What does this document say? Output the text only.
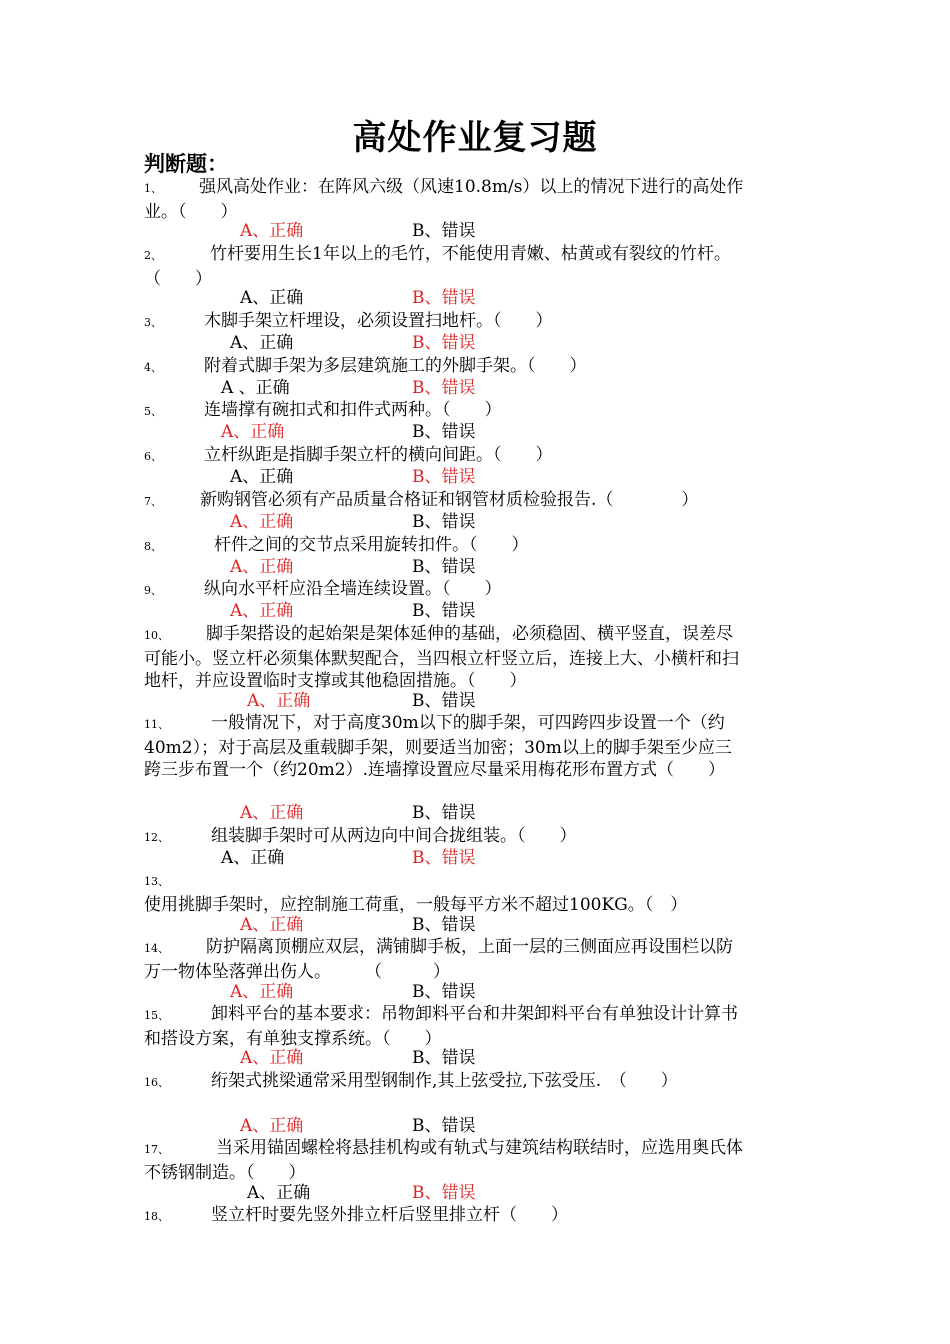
高处作业复习题
判断题：
1、 强风高处作业：在阵风六级（风速10.8m/s）以上的情况下进行的高处作业。（　　）
A、正确	B、错误
2、	竹杆要用生长1年以上的毛竹，不能使用青嫩、枯黄或有裂纹的竹杆。（　　）
A、正确	B、错误
3、 木脚手架立杆埋设，必须设置扫地杆。（　　）
A、正确	B、错误
4、 附着式脚手架为多层建筑施工的外脚手架。（　　）
A 、正确	B、错误
5、 连墙撑有碗扣式和扣件式两种。（　　）
A、正确	B、错误
6、 立杆纵距是指脚手架立杆的横向间距。（　　）
A、正确	B、错误
7、 新购钢管必须有产品质量合格证和钢管材质检验报告.（　　　　）
A、正确	B、错误
8、	杆件之间的交节点采用旋转扣件。（　　）
A、正确	B、错误
9、 纵向水平杆应沿全墙连续设置。（　　）
A、正确	B、错误
10、 脚手架搭设的起始架是架体延伸的基础，必须稳固、横平竖直，误差尽可能小。竖立杆必须集体默契配合，当四根立杆竖立后，连接上大、小横杆和扫地杆，并应设置临时支撑或其他稳固措施。（　　）
A、正确	B、错误
11、 一般情况下，对于高度30m以下的脚手架，可四跨四步设置一个（约40m2）；对于高层及重载脚手架，则要适当加密；30m以上的脚手架至少应三跨三步布置一个（约20m2）.连墙撑设置应尽量采用梅花形布置方式（　　）
A、正确	B、错误
12、 组装脚手架时可从两边向中间合拢组装。（　　）
A、正确	B、错误
13、使用挑脚手架时，应控制施工荷重，一般每平方米不超过100KG。（　）
A、正确	B、错误
14、 防护隔离顶棚应双层，满铺脚手板，上面一层的三侧面应再设围栏以防万一物体坠落弹出伤人。　　　（　　　）
A、正确	B、错误
15、 卸料平台的基本要求：吊物卸料平台和井架卸料平台有单独设计计算书和搭设方案，有单独支撑系统。（　　）
A、正确	B、错误
16、 绗架式挑梁通常采用型钢制作,其上弦受拉,下弦受压.　（　　）
A、正确	B、错误
17、	当采用锚固螺栓将悬挂机构或有轨式与建筑结构联结时，应选用奥氏体不锈钢制造。（　　）
A、正确	B、错误
18、 竖立杆时要先竖外排立杆后竖里排立杆（　　）
